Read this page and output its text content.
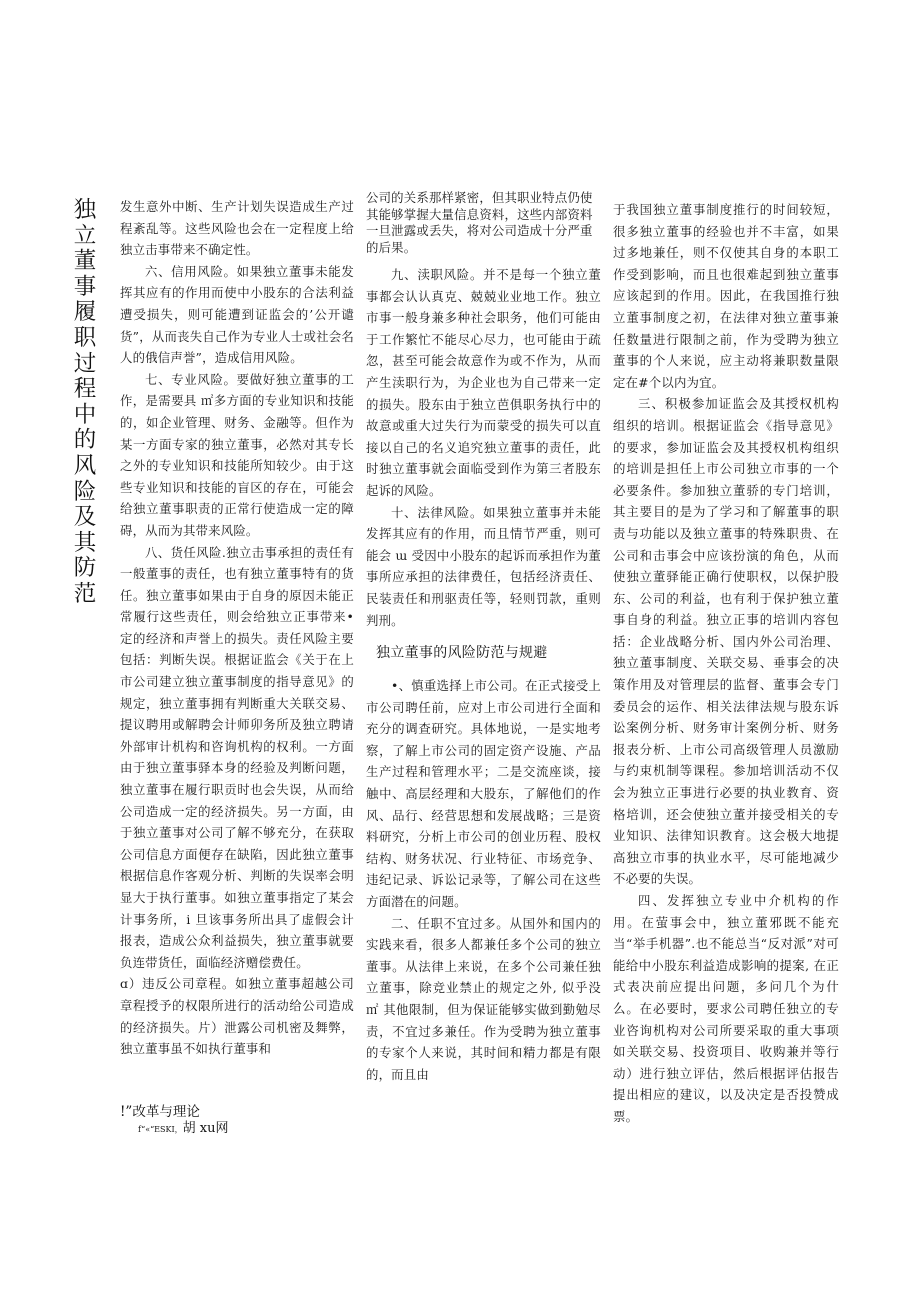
独
立
董
事
履
职
过
程
中
的
风
险
及
其
防
范

发生意外中断、生产计划失误造成生产过程紊乱等。这些风险也会在一定程度上给独立击事带来不确定性。

六、信用风险。如果独立董事未能发挥其应有的作用而使中小股东的合法利益遭受损失，则可能遭到证监会的’公开谴货”，从而丧失自己作为专业人士或社会名人的俄信声誉”，造成信用风险。

七、专业风险。要做好独立董事的工作，是需要具 ㎡多方面的专业知识和技能的，如企业管理、财务、金融等。但作为某一方面专家的独立董事，必然对其专长之外的专业知识和技能所知较少。由于这些专业知识和技能的盲区的存在，可能会给独立董事职责的正常行使造成一定的障碍，从而为其带来风险。

八、货任风险.独立击事承担的责任有一般董事的责任，也有独立董事特有的货任。独立董事如果由于自身的原因未能正常履行这些责任，则会给独立正事带来•定的经济和声誉上的损失。责任风险主要包括：判断失误。根据证监会《关于在上市公司建立独立董事制度的指导意见》的规定，独立董事拥有判断重大关联交易、提议聘用或解聘会计师卯务所及独立聘请外部审计机构和咨询机构的权利。一方面由于独立董事驿本身的经验及判断问题，独立董事在履行职贡时也会失误，从而给公司造成一定的经济损失。另一方面，由于独立董事对公司了解不够充分，在获取公司信息方面便存在缺陷，因此独立董事根据信息作客观分析、判断的失误率会明显大于执行董事。如独立董事指定了某会计事务所，i 旦该事务所出具了虚假会计报表，造成公众利益损失，独立董事就要负连带货任，面临经济赠偿费任。

ɑ）违反公司章程。如独立董事超越公司章程授予的权限所进行的活动给公司造成的经济损失。片）泄露公司机密及舞弊，独立董事虽不如执行董事和

公司的关系那样紧密，但其职业特点仍使

其能够掌握大量信息资料，这些内部资料

一旦泄露或丢失，将对公司造成十分严重

的后果。

九、渎职风险。并不是每一个独立董事都会认认真克、兢兢业业地工作。独立市事一般身兼多种社会职务，他们可能由于工作繁忙不能尽心尽力，也可能由于疏忽，甚至可能会故意作为或不作为，从而产生渎职行为，为企业也为自己带来一定的损失。股东由于独立芭俱职务执行中的故意或重大过失行为而蒙受的损失可以直接以自己的名义追究独立董事的责任，此时独立董事就会面临受到作为第三者股东起诉的风险。

十、法律风险。如果独立董事并未能发挥其应有的作用，而且情节严重，则可能会 ɯ 受因中小股东的起诉而承担作为董事所应承担的法律费任，包括经济责任、民装责任和刑驱责任等，轻则罚款，重则判刑。

独立董事的风险防范与规避

•、慎重选择上市公司。在正式接受上市公司聘任前，应对上市公司进行全面和充分的调查研究。具体地说，一是实地考察，了解上市公司的固定资产设施、产品生产过程和管理水平；二是交流座谈，接触中、高层经理和大股东，了解他们的作风、品行、经营思想和发展战略；三是资料研究，分析上市公司的创业历程、股权结构、财务状况、行业特征、市场竞争、违纪记录、诉讼记录等，了解公司在这些方面潜在的问题。

二、任职不宜过多。从国外和国内的实践来看，很多人都兼任多个公司的独立董事。从法律上来说，在多个公司兼任独立董事，除竞业禁止的规定之外, 似乎没 ㎡ 其他限制，但为保证能够实做到勤勉尽责，不宜过多兼任。作为受聘为独立董事的专家个人来说，其时间和精力都是有限的，而且由

于我国独立董事制度推行的时间较短，很多独立董事的经验也并不丰富，如果过多地兼任，则不仅使其自身的本职工作受到影响，而且也很难起到独立董事应该起到的作用。因此，在我国推行独立董事制度之初，在法律对独立董事兼任数量进行限制之前，作为受聘为独立董事的个人来说，应主动将兼职数量限定在#个以内为宜。

三、积极参加证监会及其授权机构组织的培训。根据证监会《指导意见》的要求，参加证监会及其授权机构组织的培训是担任上市公司独立市事的一个必要条件。参加独立董骄的专门培训，其主要目的是为了学习和了解董事的职责与功能以及独立董事的特殊职贵、在公司和击事会中应该扮演的角色，从而使独立董驿能正确行使职权，以保护股东、公司的利益，也有利于保护独立董事自身的利益。独立正事的培训内容包括：企业战略分析、国内外公司治理、独立董事制度、关联交易、垂事会的决策作用及对管理层的监督、董事会专门委员会的运作、相关法律法规与股东诉讼案例分析、财务审计案例分析、财务报表分析、上市公司高级管理人员激励与约束机制等课程。参加培训活动不仅会为独立正事进行必要的执业教育、资格培训，还会使独立董并接受相关的专业知识、法律知识教育。这会极大地提高独立市事的执业水平，尽可能地减少不必要的失误。

四、发挥独立专业中介机构的作用。在萤事会中，独立董邪既不能充当“举手机器”.也不能总当“反对派”对可能给中小股东利益造成影响的提案, 在正式表决前应提出问题，多问几个为什么。在必要时，要求公司聘任独立的专业咨询机构对公司所要采取的重大事项如关联交易、投资项目、收购兼并等行动）进行独立评估，然后根据评估报告提出相应的建议，以及决定是否投赞成票。

!”改革与理论
f“«“ESKI，胡 xu网
